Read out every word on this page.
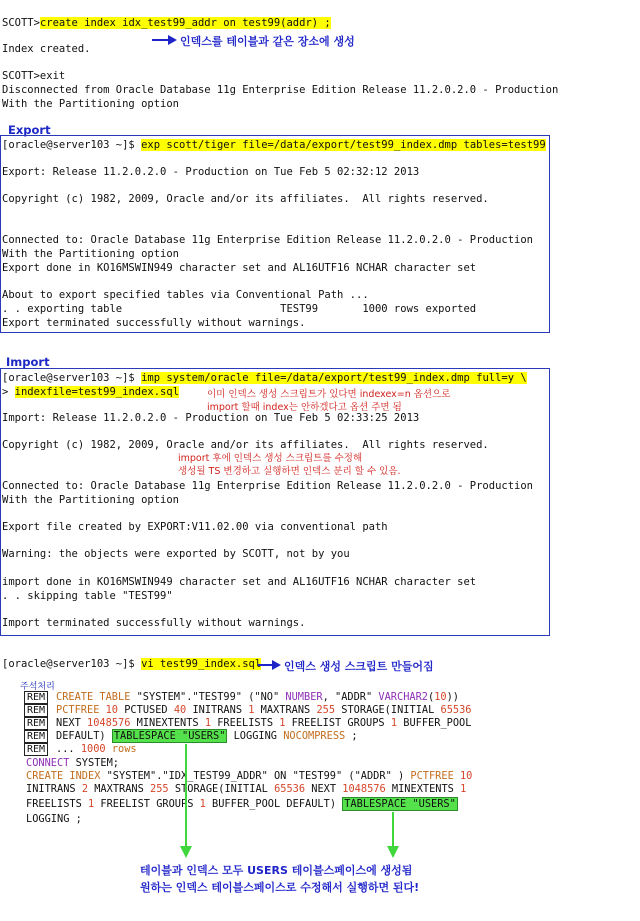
SCOTT>create index idx_test99_addr on test99(addr) ;
Index created.
SCOTT>exit
Disconnected from Oracle Database 11g Enterprise Edition Release 11.2.0.2.0 - Production
With the Partitioning option
인덱스를 테이블과 같은 장소에 생성
Export
[oracle@server103 ~]$ exp scott/tiger file=/data/export/test99_index.dmp tables=test99
Export: Release 11.2.0.2.0 - Production on Tue Feb 5 02:32:12 2013
Copyright (c) 1982, 2009, Oracle and/or its affiliates.  All rights reserved.
Connected to: Oracle Database 11g Enterprise Edition Release 11.2.0.2.0 - Production
With the Partitioning option
Export done in KO16MSWIN949 character set and AL16UTF16 NCHAR character set
About to export specified tables via Conventional Path ...
. . exporting table                         TEST99       1000 rows exported
Export terminated successfully without warnings.
Import
[oracle@server103 ~]$ imp system/oracle file=/data/export/test99_index.dmp full=y \
> indexfile=test99_index.sql	이미 인덱스 생성 스크립트가 있다면 indexex=n 옵션으로
import 할때 index는 안하겠다고 옵션 주면 됨
Import: Release 11.2.0.2.0 - Production on Tue Feb 5 02:33:25 2013
Copyright (c) 1982, 2009, Oracle and/or its affiliates.  All rights reserved.
import 후에 인덱스 생성 스크립트를 수정해
생성될 TS 변경하고 실행하면 인덱스 분리 할 수 있음.
Connected to: Oracle Database 11g Enterprise Edition Release 11.2.0.2.0 - Production
With the Partitioning option
Export file created by EXPORT:V11.02.00 via conventional path
Warning: the objects were exported by SCOTT, not by you
import done in KO16MSWIN949 character set and AL16UTF16 NCHAR character set
. . skipping table "TEST99"
Import terminated successfully without warnings.
[oracle@server103 ~]$ vi test99_index.sql 인덱스 생성 스크립트 만들어짐
주석처리
REM
REM
REM
REM
REM
CREATE TABLE "SYSTEM"."TEST99" ("NO" NUMBER, "ADDR" VARCHAR2(10))
PCTFREE 10 PCTUSED 40 INITRANS 1 MAXTRANS 255 STORAGE(INITIAL 65536
NEXT 1048576 MINEXTENTS 1 FREELISTS 1 FREELIST GROUPS 1 BUFFER_POOL
DEFAULT) TABLESPACE "USERS" LOGGING NOCOMPRESS ;
... 1000 rows
CONNECT SYSTEM;
CREATE INDEX "SYSTEM"."IDX_TEST99_ADDR" ON "TEST99" ("ADDR" ) PCTFREE 10
INITRANS 2 MAXTRANS 255 STORAGE(INITIAL 65536 NEXT 1048576 MINEXTENTS 1
FREELISTS 1 FREELIST GROUPS 1 BUFFER_POOL DEFAULT) TABLESPACE "USERS"
LOGGING ;
테이블과 인덱스 모두 USERS 테이블스페이스에 생성됨
원하는 인덱스 테이블스페이스로 수정해서 실행하면 된다!
